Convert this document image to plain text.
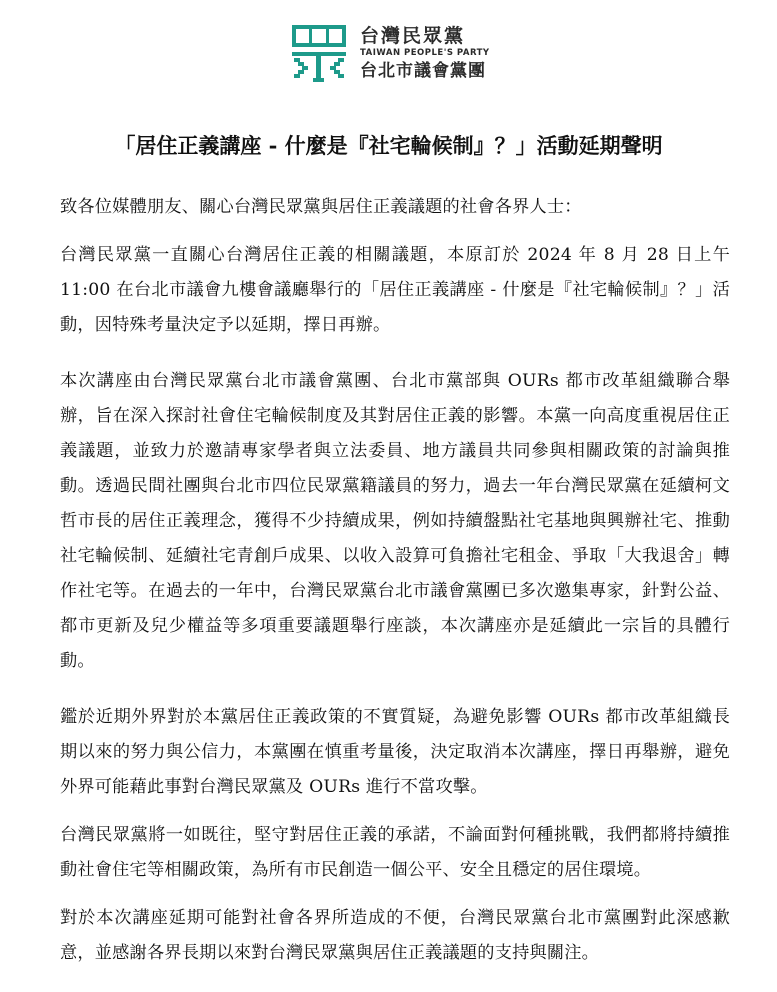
台灣民眾黨
TAIWAN PEOPLE'S PARTY
台北市議會黨團
「居住正義講座 - 什麼是『社宅輪候制』？」活動延期聲明

致各位媒體朋友、關心台灣民眾黨與居住正義議題的社會各界人士：

台灣民眾黨一直關心台灣居住正義的相關議題，本原訂於 2024 年 8 月 28 日上午 11:00 在台北市議會九樓會議廳舉行的「居住正義講座 - 什麼是『社宅輪候制』？」活動，因特殊考量決定予以延期，擇日再辦。

本次講座由台灣民眾黨台北市議會黨團、台北市黨部與 OURs 都市改革組織聯合舉辦，旨在深入探討社會住宅輪候制度及其對居住正義的影響。本黨一向高度重視居住正義議題，並致力於邀請專家學者與立法委員、地方議員共同參與相關政策的討論與推動。透過民間社團與台北市四位民眾黨籍議員的努力，過去一年台灣民眾黨在延續柯文哲市長的居住正義理念，獲得不少持續成果，例如持續盤點社宅基地與興辦社宅、推動社宅輪候制、延續社宅青創戶成果、以收入設算可負擔社宅租金、爭取「大我退舍」轉作社宅等。在過去的一年中，台灣民眾黨台北市議會黨團已多次邀集專家，針對公益、都市更新及兒少權益等多項重要議題舉行座談，本次講座亦是延續此一宗旨的具體行動。

鑑於近期外界對於本黨居住正義政策的不實質疑，為避免影響 OURs 都市改革組織長期以來的努力與公信力，本黨團在慎重考量後，決定取消本次講座，擇日再舉辦，避免外界可能藉此事對台灣民眾黨及 OURs 進行不當攻擊。

台灣民眾黨將一如既往，堅守對居住正義的承諾，不論面對何種挑戰，我們都將持續推動社會住宅等相關政策，為所有市民創造一個公平、安全且穩定的居住環境。

對於本次講座延期可能對社會各界所造成的不便，台灣民眾黨台北市黨團對此深感歉意，並感謝各界長期以來對台灣民眾黨與居住正義議題的支持與關注。
